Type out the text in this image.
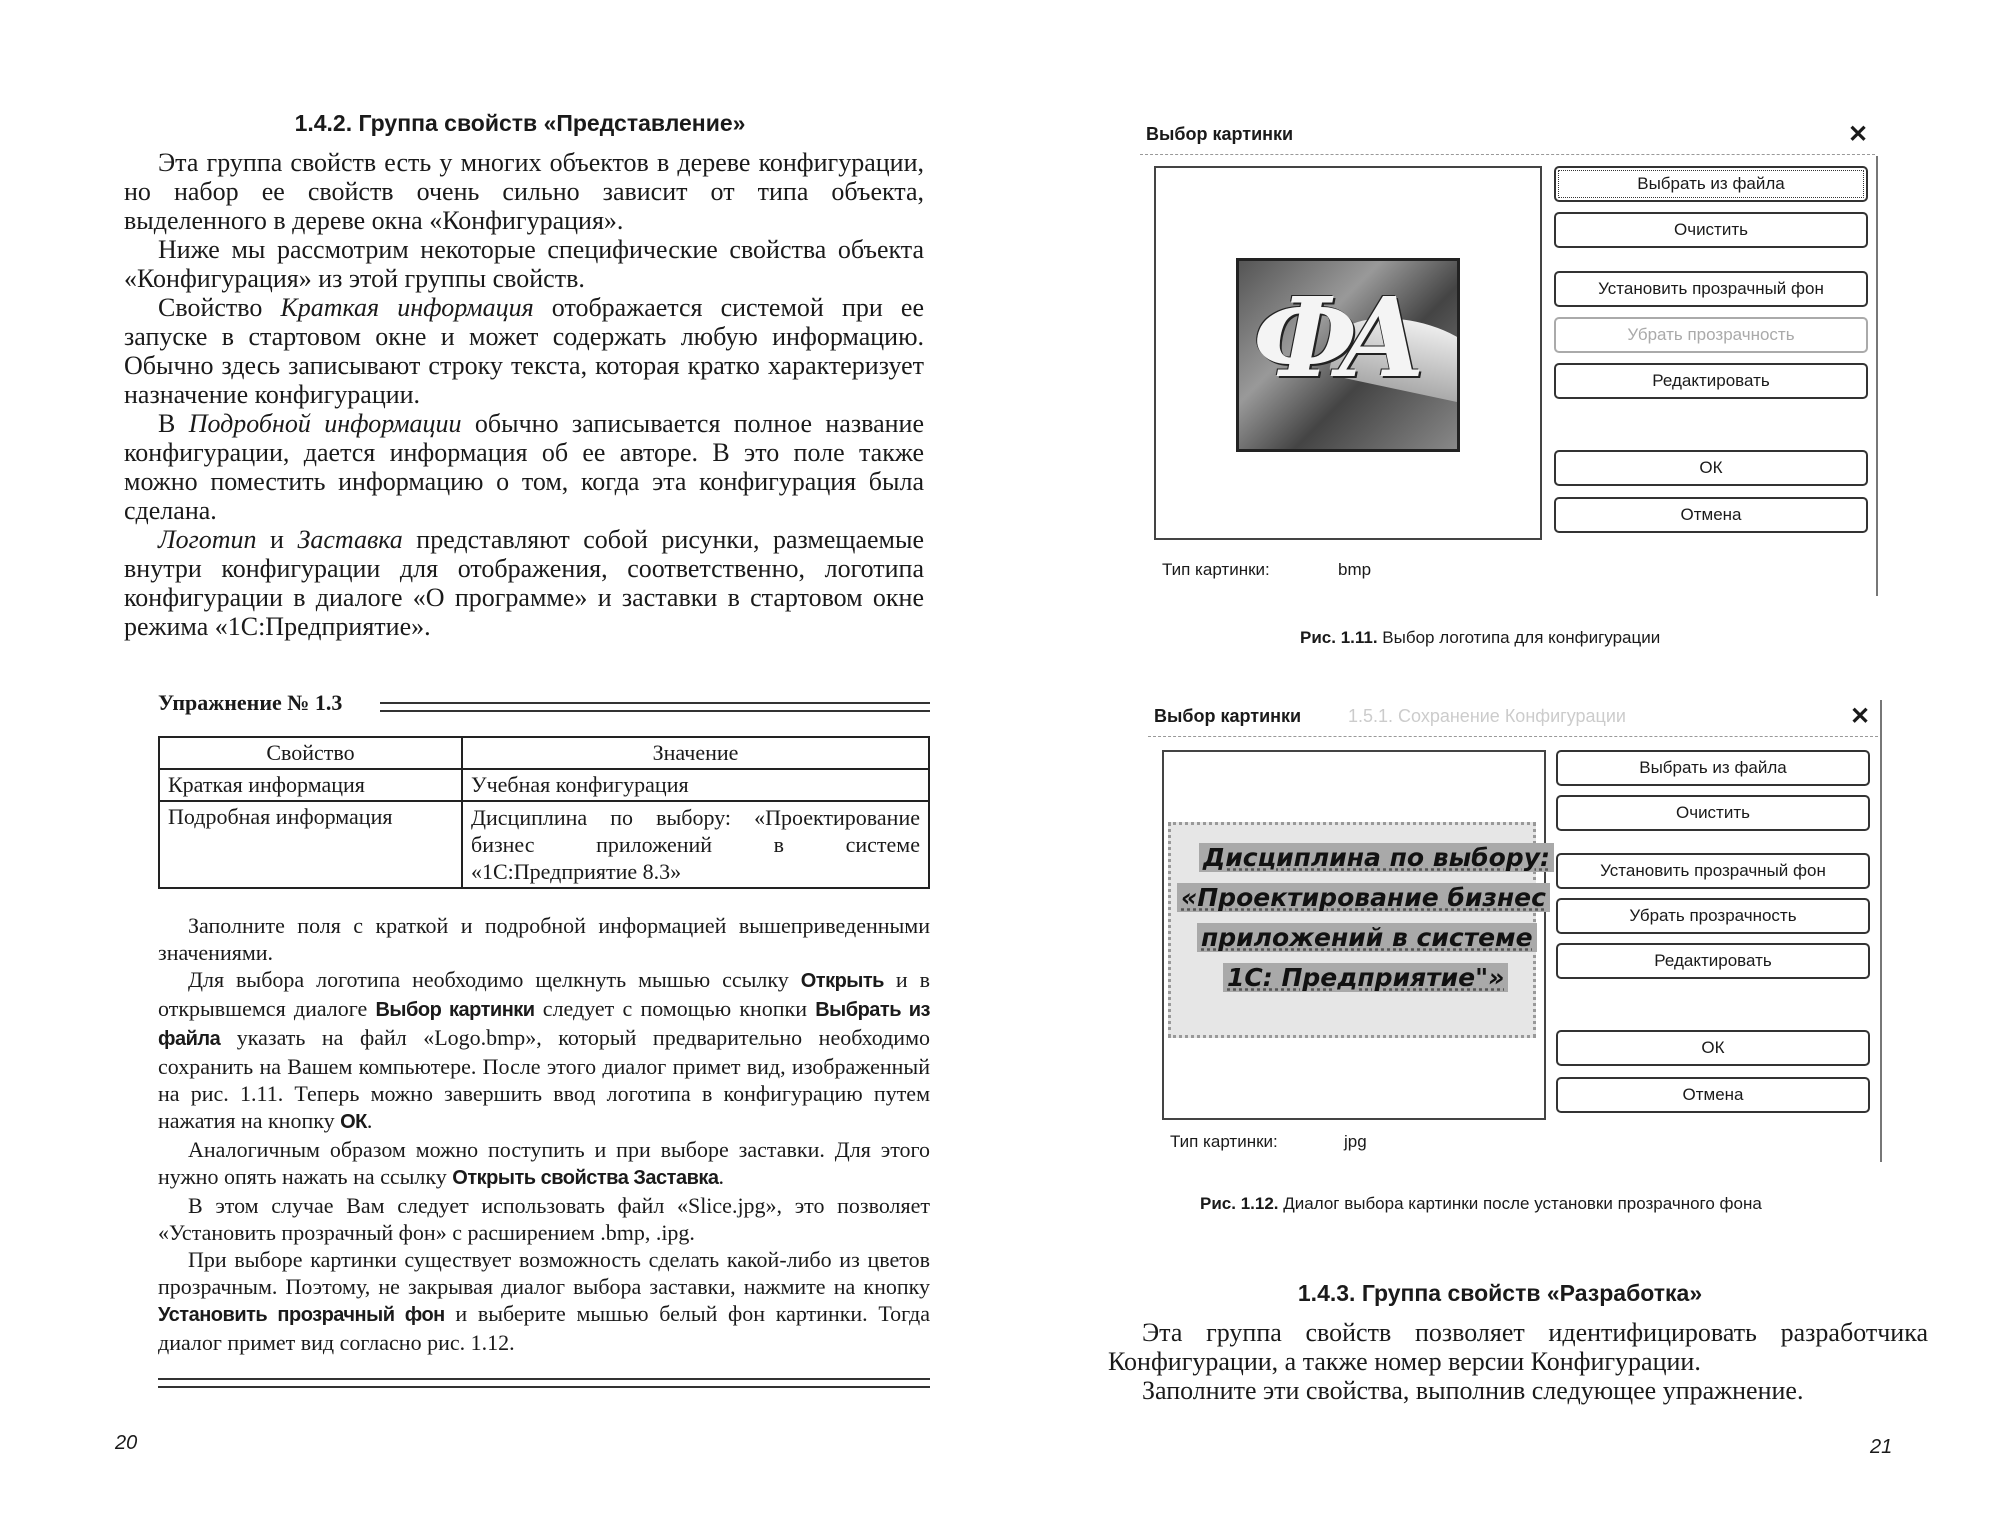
1.4.2. Группа свойств «Представление»

Эта группа свойств есть у многих объектов в дереве конфигурации, но набор ее свойств очень сильно зависит от типа объекта, выделенного в дереве окна «Конфигурация».

Ниже мы рассмотрим некоторые специфические свойства объекта «Конфигурация» из этой группы свойств.

Свойство Краткая информация отображается системой при ее запуске в стартовом окне и может содержать любую информацию. Обычно здесь записывают строку текста, которая кратко характеризует назначение конфигурации.

В Подробной информации обычно записывается полное название конфигурации, дается информация об ее авторе. В это поле также можно поместить информацию о том, когда эта конфигурация была сделана.

Логотип и Заставка представляют собой рисунки, размещаемые внутри конфигурации для отображения, соответственно, логотипа конфигурации в диалоге «О программе» и заставки в стартовом окне режима «1С:Предприятие».

Упражнение № 1.3
Свойство	Значение
Краткая информация	Учебная конфигурация
Подробная информация	Дисциплина по выбору: «Проектирование бизнес приложений в системе «1С:Предприятие 8.3»

Заполните поля с краткой и подробной информацией вышеприведенными значениями.

Для выбора логотипа необходимо щелкнуть мышью ссылку Открыть и в открывшемся диалоге Выбор картинки следует с помощью кнопки Выбрать из файла указать на файл «Logo.bmp», который предварительно необходимо сохранить на Вашем компьютере. После этого диалог примет вид, изображенный на рис. 1.11. Теперь можно завершить ввод логотипа в конфигурацию путем нажатия на кнопку ОК.

Аналогичным образом можно поступить и при выборе заставки. Для этого нужно опять нажать на ссылку Открыть свойства Заставка.

В этом случае Вам следует использовать файл «Slice.jpg», это позволяет «Установить прозрачный фон» с расширением .bmp, .ipg.

При выборе картинки существует возможность сделать какой-либо из цветов прозрачным. Поэтому, не закрывая диалог выбора заставки, нажмите на кнопку Установить прозрачный фон и выберите мышью белый фон картинки. Тогда диалог примет вид согласно рис. 1.12.

20
Выбор картинки	✕
ФА
Выбрать из файла
Очистить
Установить прозрачный фон
Убрать прозрачность
Редактировать
ОК
Отмена
Тип картинки:	bmp
Рис. 1.11. Выбор логотипа для конфигурации
1.5.1. Сохранение Конфигурации
Выбор картинки	✕
Дисциплина по выбору:
«Проектирование бизнес
приложений в системе
1С: Предприятие"»
Выбрать из файла
Очистить
Установить прозрачный фон
Убрать прозрачность
Редактировать
ОК
Отмена
Тип картинки:	jpg
Рис. 1.12. Диалог выбора картинки после установки прозрачного фона
1.4.3. Группа свойств «Разработка»

Эта группа свойств позволяет идентифицировать разработчика Конфигурации, а также номер версии Конфигурации.

Заполните эти свойства, выполнив следующее упражнение.

21
